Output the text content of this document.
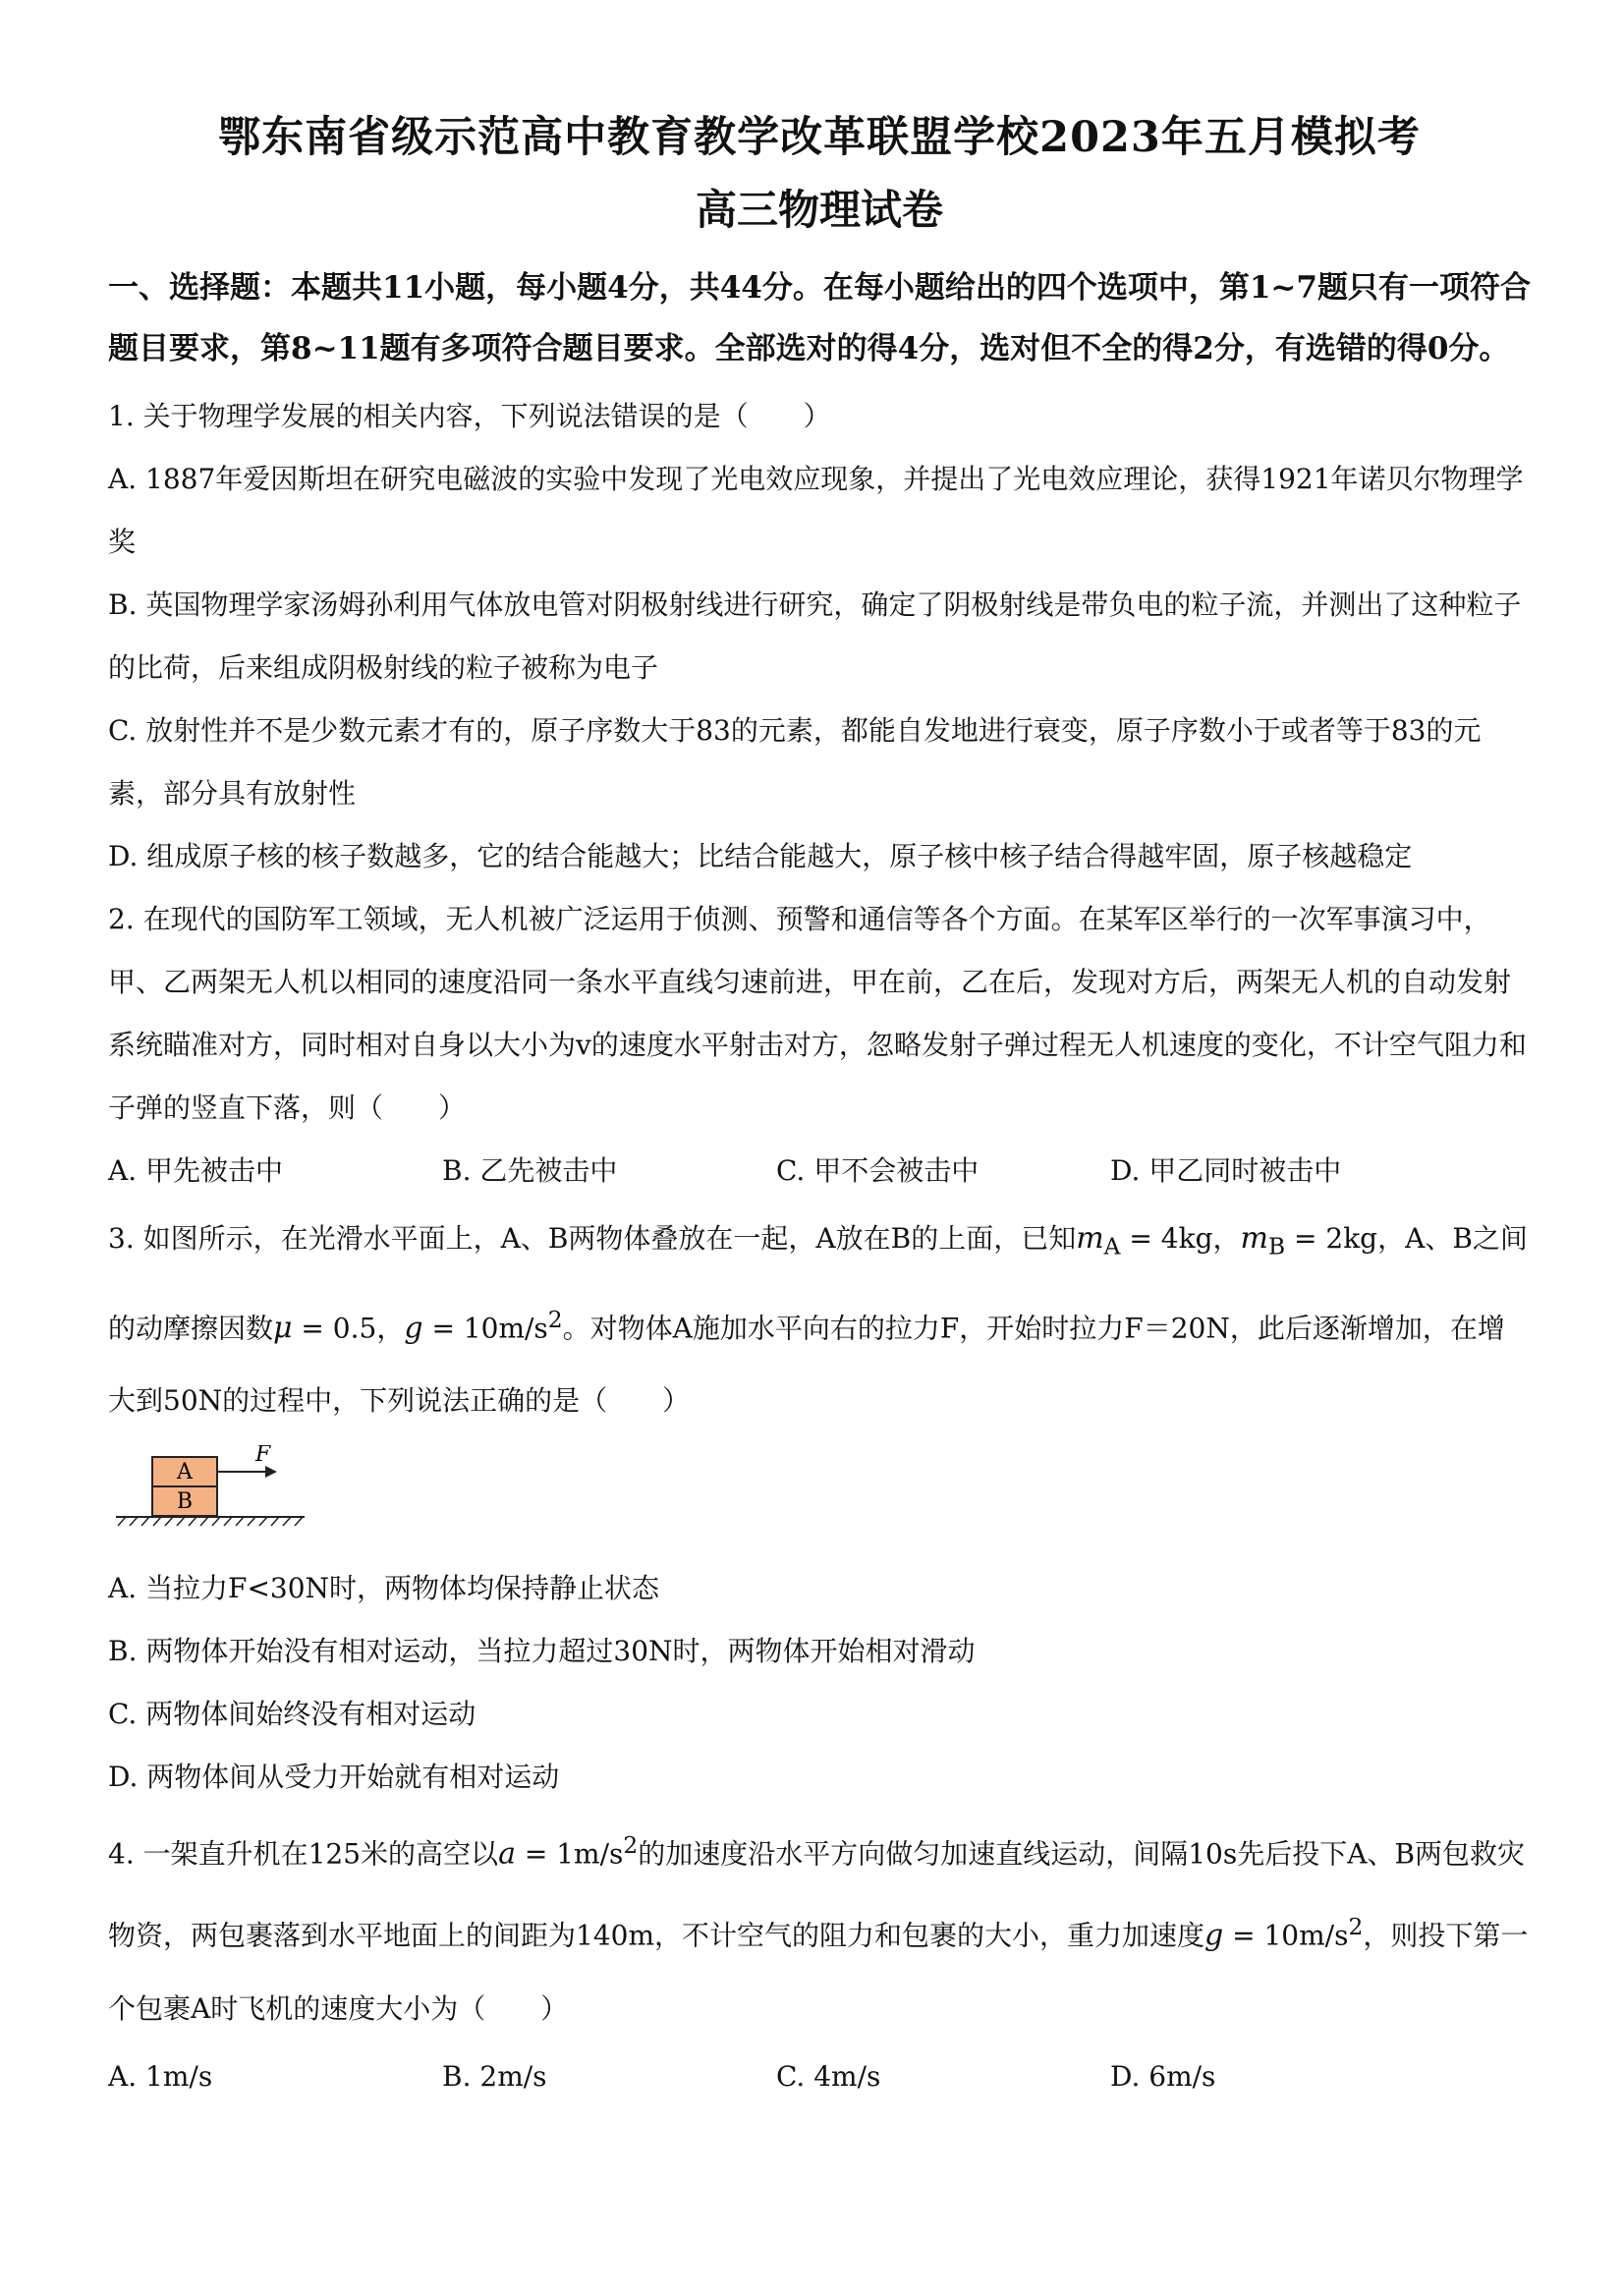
鄂东南省级示范高中教育教学改革联盟学校2023年五月模拟考
高三物理试卷
一、选择题：本题共11小题，每小题4分，共44分。在每小题给出的四个选项中，第1~7题只有一项符合题目要求，第8~11题有多项符合题目要求。全部选对的得4分，选对但不全的得2分，有选错的得0分。
1. 关于物理学发展的相关内容，下列说法错误的是（　　）
A. 1887年爱因斯坦在研究电磁波的实验中发现了光电效应现象，并提出了光电效应理论，获得1921年诺贝尔物理学奖
B. 英国物理学家汤姆孙利用气体放电管对阴极射线进行研究，确定了阴极射线是带负电的粒子流，并测出了这种粒子的比荷，后来组成阴极射线的粒子被称为电子
C. 放射性并不是少数元素才有的，原子序数大于83的元素，都能自发地进行衰变，原子序数小于或者等于83的元素，部分具有放射性
D. 组成原子核的核子数越多，它的结合能越大；比结合能越大，原子核中核子结合得越牢固，原子核越稳定
2. 在现代的国防军工领域，无人机被广泛运用于侦测、预警和通信等各个方面。在某军区举行的一次军事演习中，甲、乙两架无人机以相同的速度沿同一条水平直线匀速前进，甲在前，乙在后，发现对方后，两架无人机的自动发射系统瞄准对方，同时相对自身以大小为v的速度水平射击对方，忽略发射子弹过程无人机速度的变化，不计空气阻力和子弹的竖直下落，则（　　）
A. 甲先被击中	B. 乙先被击中	C. 甲不会被击中	D. 甲乙同时被击中
3. 如图所示，在光滑水平面上，A、B两物体叠放在一起，A放在B的上面，已知$m_A = 4kg$，$m_B = 2kg$，A、B之间的动摩擦因数μ = 0.5，$g = 10m/s^2$。对物体A施加水平向右的拉力F，开始时拉力F＝20N，此后逐渐增加，在增大到50N的过程中，下列说法正确的是（　　）
A
B
F
A. 当拉力F<30N时，两物体均保持静止状态
B. 两物体开始没有相对运动，当拉力超过30N时，两物体开始相对滑动
C. 两物体间始终没有相对运动
D. 两物体间从受力开始就有相对运动
4. 一架直升机在125米的高空以$a = 1m/s^2$的加速度沿水平方向做匀加速直线运动，间隔10s先后投下A、B两包救灾物资，两包裹落到水平地面上的间距为140m，不计空气的阻力和包裹的大小，重力加速度$g = 10m/s^2$，则投下第一个包裹A时飞机的速度大小为（　　）
A. 1m/s	B. 2m/s	C. 4m/s	D. 6m/s
